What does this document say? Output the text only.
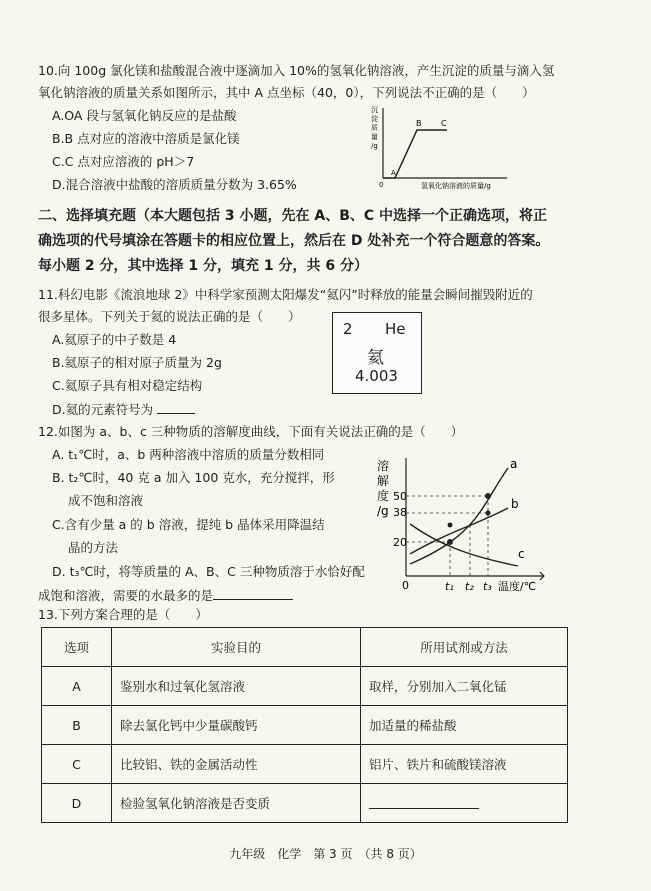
10.向 100g 氯化镁和盐酸混合液中逐滴加入 10%的氢氧化钠溶液，产生沉淀的质量与滴入氢
氧化钠溶液的质量关系如图所示，其中 A 点坐标（40，0），下列说法不正确的是（　　）
A.OA 段与氢氧化钠反应的是盐酸
B.B 点对应的溶液中溶质是氯化镁
C.C 点对应溶液的 pH＞7
D.混合溶液中盐酸的溶质质量分数为 3.65%
沉
淀
质
量
/g
0
A
B C
氢氧化钠溶液的质量/g
二、选择填充题（本大题包括 3 小题，先在 A、B、C 中选择一个正确选项，将正
确选项的代号填涂在答题卡的相应位置上，然后在 D 处补充一个符合题意的答案。
每小题 2 分，其中选择 1 分，填充 1 分，共 6 分）
11.科幻电影《流浪地球 2》中科学家预测太阳爆发“氦闪”时释放的能量会瞬间摧毁附近的
很多星体。下列关于氦的说法正确的是（　　）
A.氦原子的中子数是 4
B.氦原子的相对原子质量为 2g
C.氦原子具有相对稳定结构
D.氦的元素符号为
2 He
氦
4.003
12.如图为 a、b、c 三种物质的溶解度曲线，下面有关说法正确的是（　　）
A. t₁℃时，a、b 两种溶液中溶质的质量分数相同
B. t₂℃时，40 克 a 加入 100 克水，充分搅拌，形
成不饱和溶液
C.含有少量 a 的 b 溶液，提纯 b 晶体采用降温结
晶的方法
D. t₃℃时，将等质量的 A、B、C 三种物质溶于水恰好配
成饱和溶液，需要的水最多的是
溶
解
度
/g
50
38
20
0	t₁ t₂ t₃ 温度/℃
a
b
c
13.下列方案合理的是（　　）
选项	实验目的	所用试剂或方法
A	鉴别水和过氧化氢溶液	取样，分别加入二氧化锰
B	除去氯化钙中少量碳酸钙	加适量的稀盐酸
C	比较铝、铁的金属活动性	铝片、铁片和硫酸镁溶液
D	检验氢氧化钠溶液是否变质	
九年级　化学　第 3 页　（共 8 页）
